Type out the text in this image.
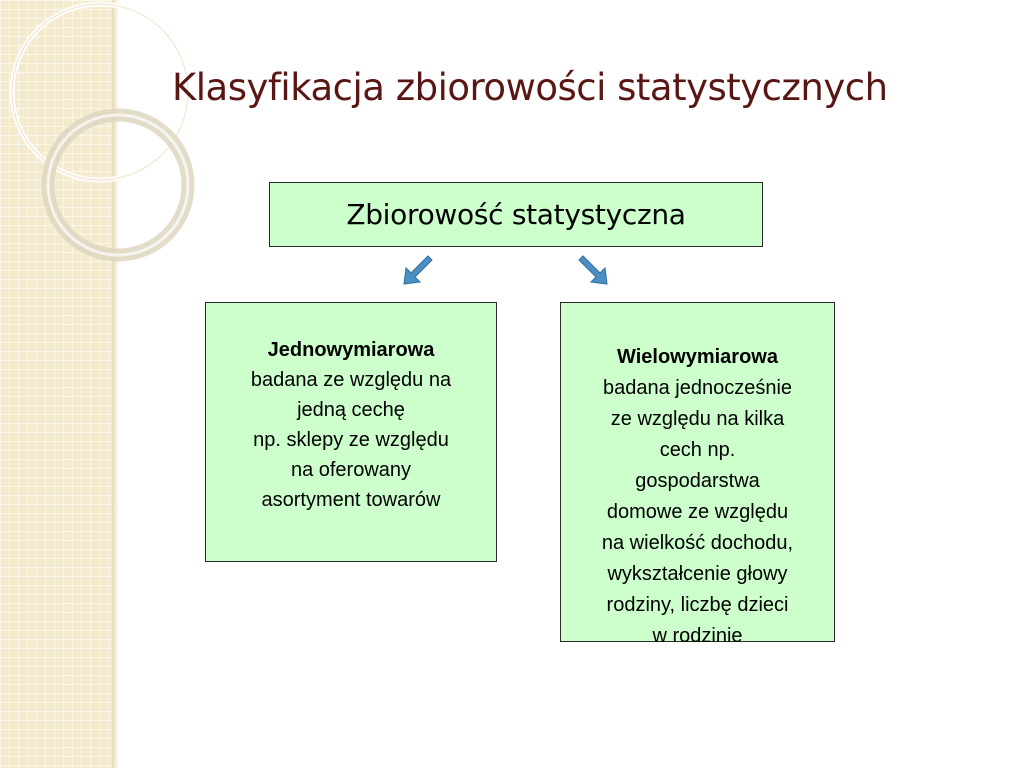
Klasyfikacja zbiorowości statystycznych
Zbiorowość statystyczna
Jednowymiarowa
badana ze względu na
jedną cechę
np. sklepy ze względu
na oferowany
asortyment towarów
Wielowymiarowa
badana jednocześnie
ze względu na kilka
cech np.
gospodarstwa
domowe ze względu
na wielkość dochodu,
wykształcenie głowy
rodziny, liczbę dzieci
w rodzinie
